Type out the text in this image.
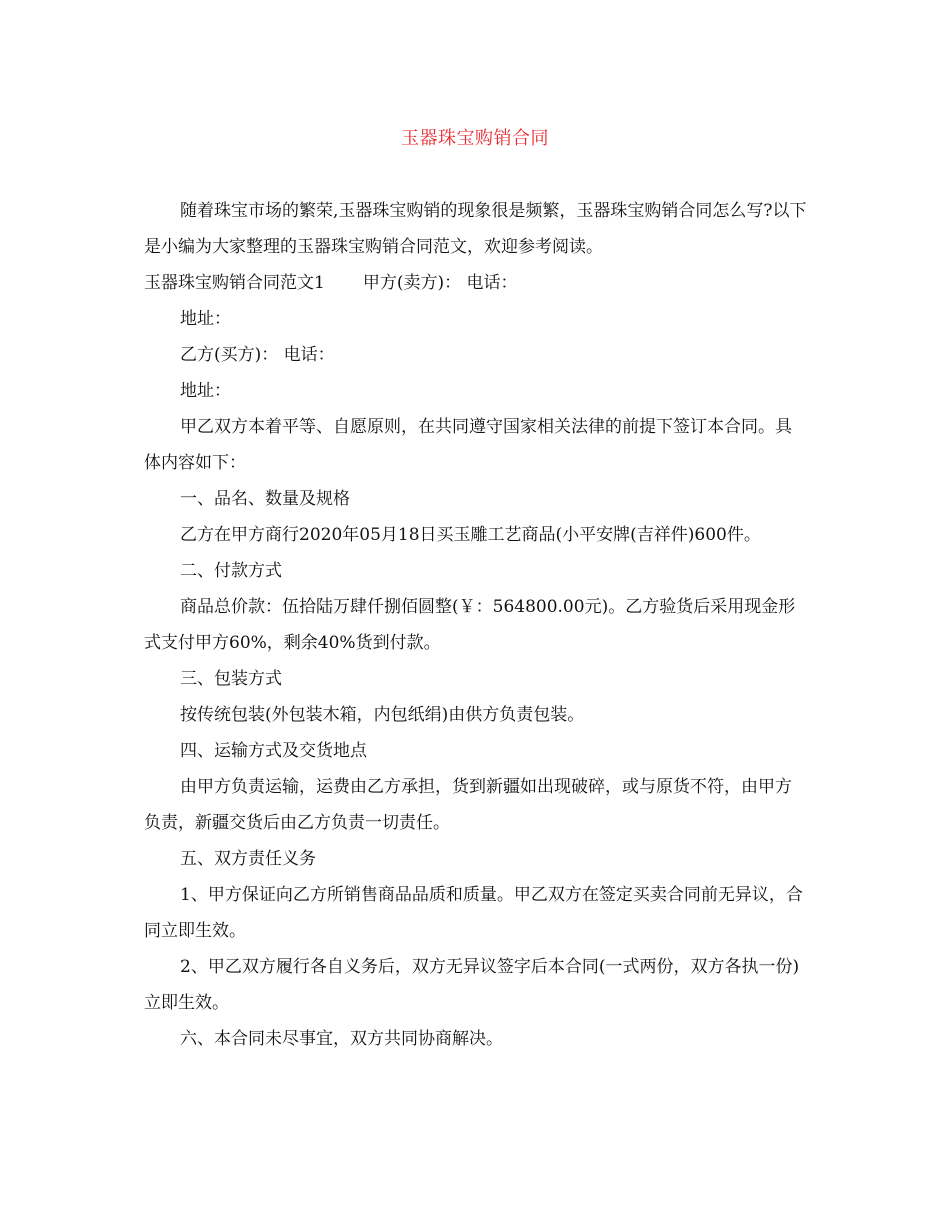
玉器珠宝购销合同

随着珠宝市场的繁荣,玉器珠宝购销的现象很是频繁，玉器珠宝购销合同怎么写?以下是小编为大家整理的玉器珠宝购销合同范文，欢迎参考阅读。

玉器珠宝购销合同范文1 甲方(卖方)： 电话：

地址：

乙方(买方)： 电话：

地址：

甲乙双方本着平等、自愿原则，在共同遵守国家相关法律的前提下签订本合同。具体内容如下：

一、品名、数量及规格

乙方在甲方商行2020年05月18日买玉雕工艺商品(小平安牌(吉祥件)600件。

二、付款方式

商品总价款：伍拾陆万肆仟捌佰圆整(￥：564800.00元)。乙方验货后采用现金形式支付甲方60%，剩余40%货到付款。

三、包装方式

按传统包装(外包装木箱，内包纸绢)由供方负责包装。

四、运输方式及交货地点

由甲方负责运输，运费由乙方承担，货到新疆如出现破碎，或与原货不符，由甲方负责，新疆交货后由乙方负责一切责任。

五、双方责任义务

1、甲方保证向乙方所销售商品品质和质量。甲乙双方在签定买卖合同前无异议，合同立即生效。

2、甲乙双方履行各自义务后，双方无异议签字后本合同(一式两份，双方各执一份)立即生效。

六、本合同未尽事宜，双方共同协商解决。
